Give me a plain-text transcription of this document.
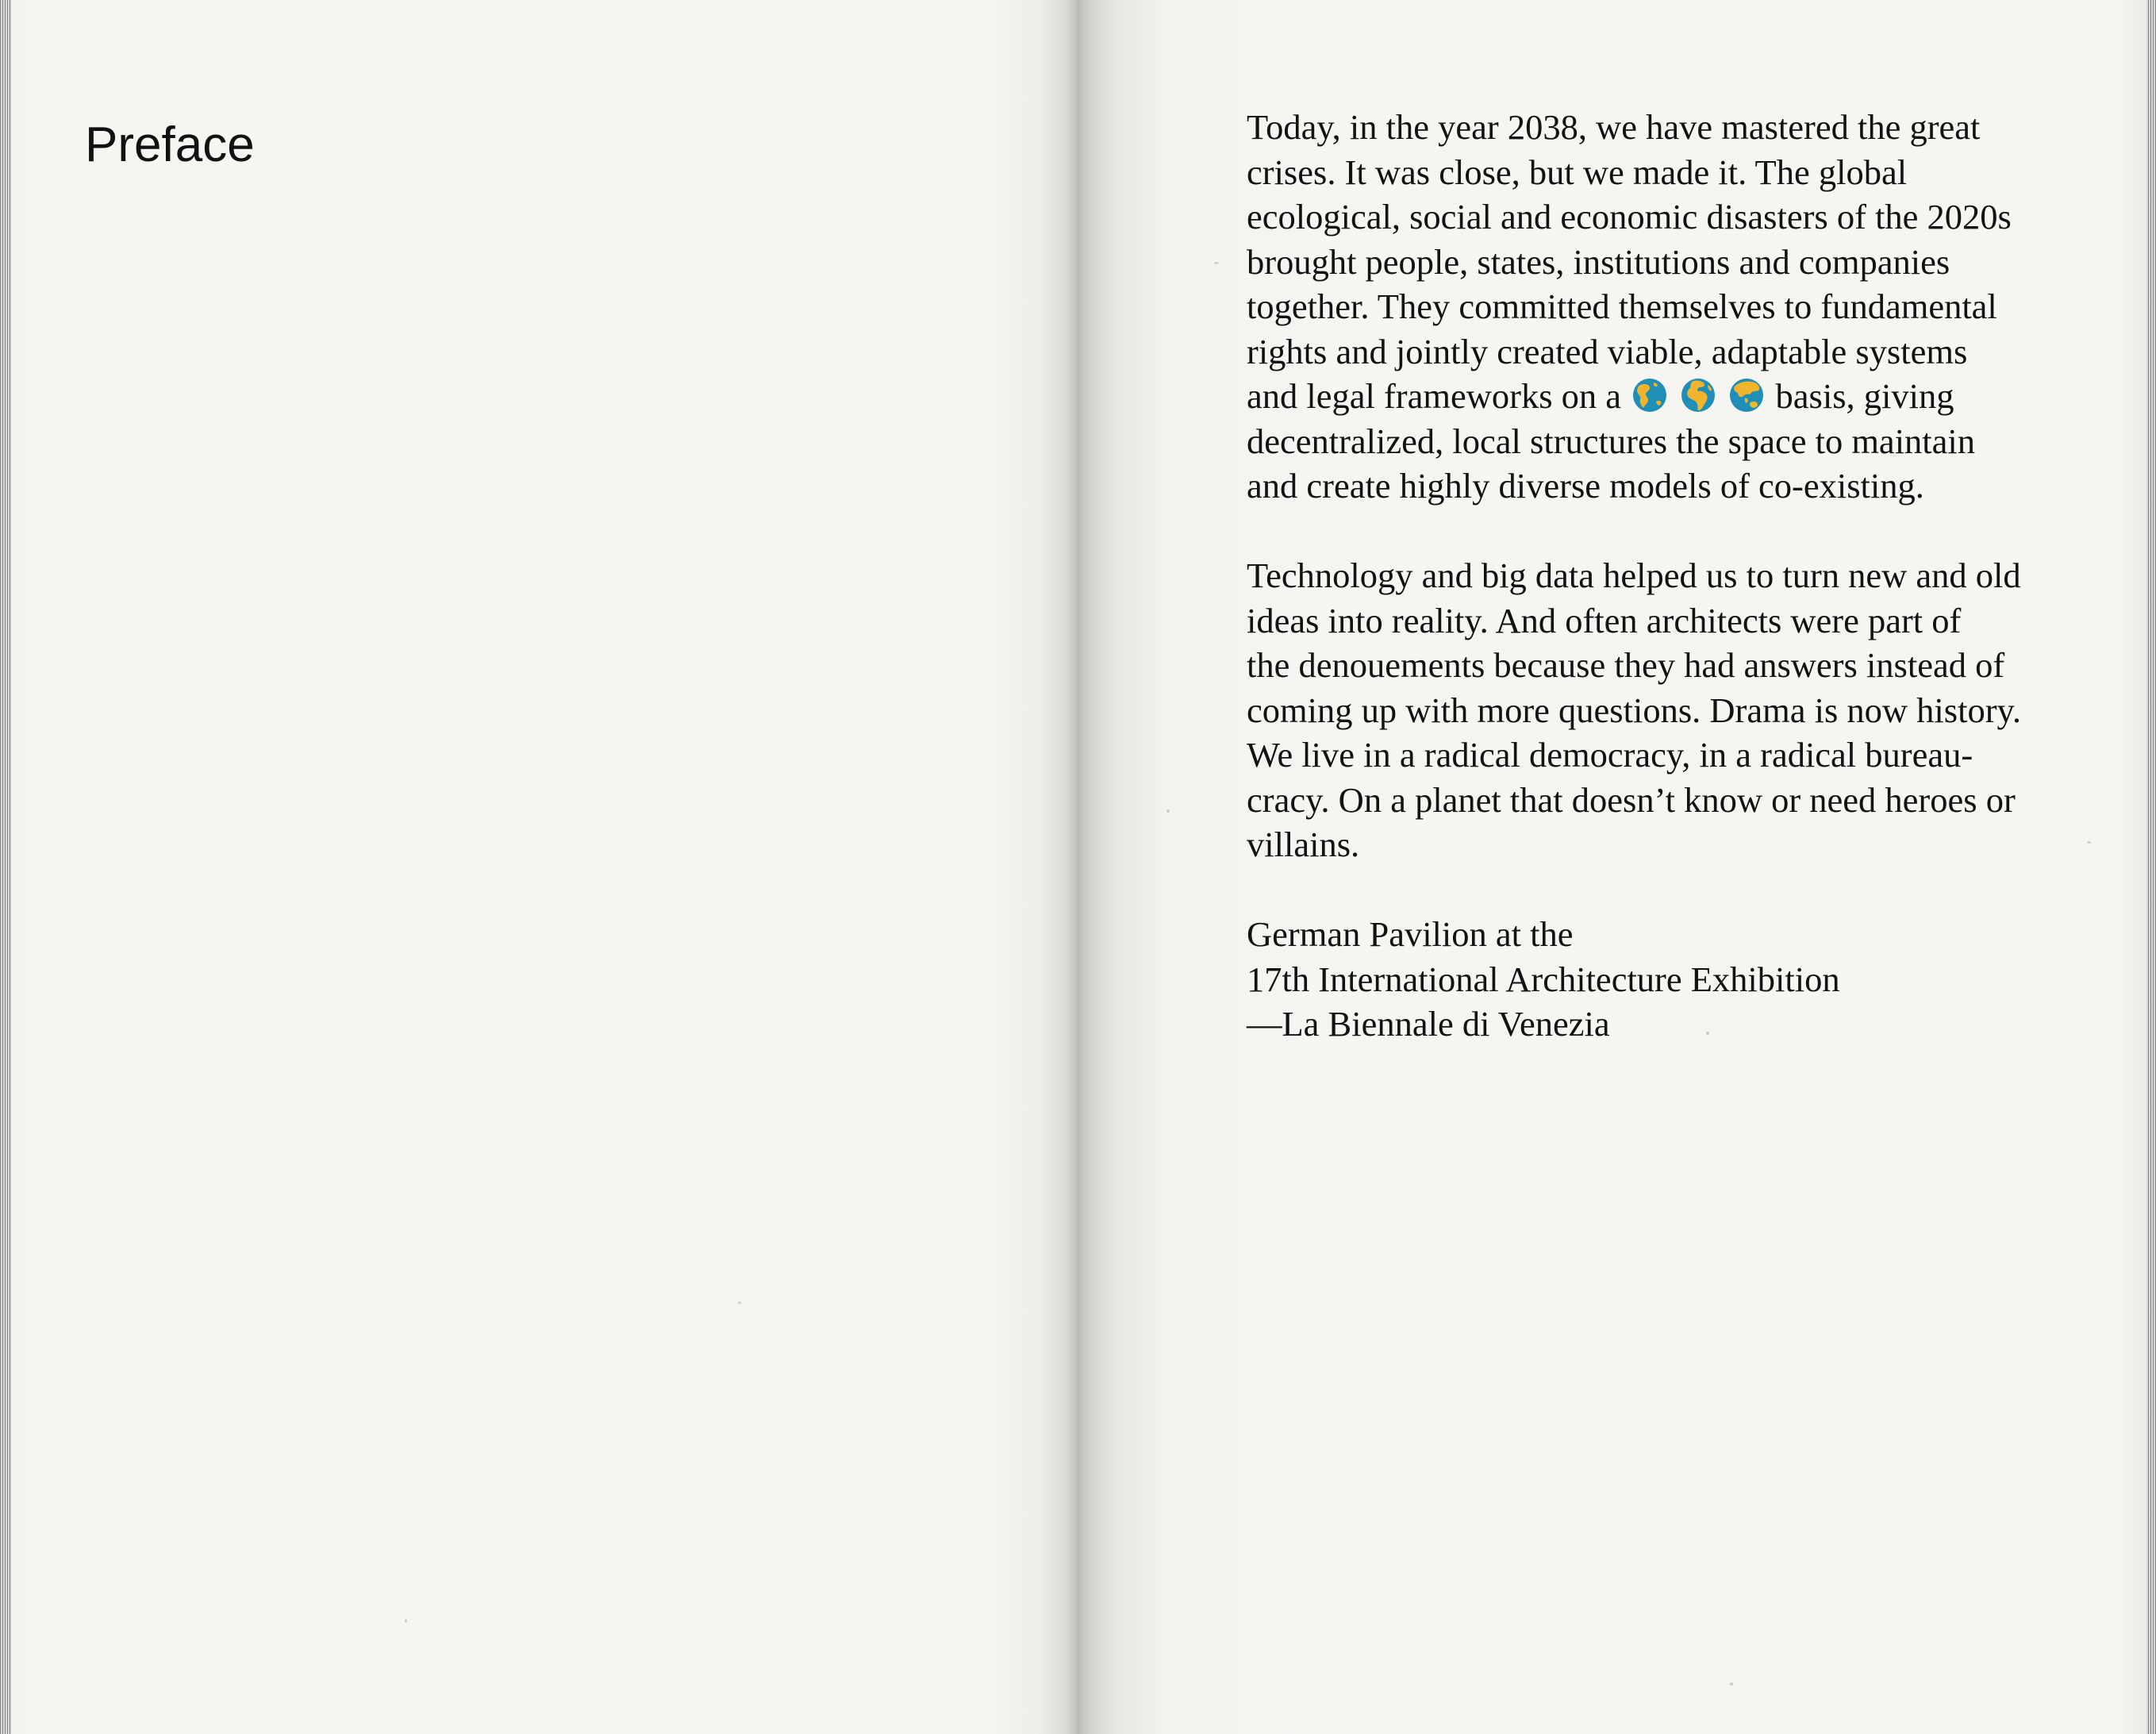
Preface	Today, in the year 2038, we have mastered the great
crises. It was close, but we made it. The global
ecological, social and economic disasters of the 2020s
brought people, states, institutions and companies
together. They committed themselves to fundamental
rights and jointly created viable, adaptable systems
and legal frameworks on a

	basis, giving
decentralized, local structures the space to maintain
and create highly diverse models of co-existing.

Technology and big data helped us to turn new and old
ideas into reality. And often architects were part of
the denouements because they had answers instead of
coming up with more questions. Drama is now history.
We live in a radical democracy, in a radical bureau-
cracy. On a planet that doesn’t know or need heroes or
villains.

German Pavilion at the
17th International Architecture Exhibition
—La Biennale di Venezia
